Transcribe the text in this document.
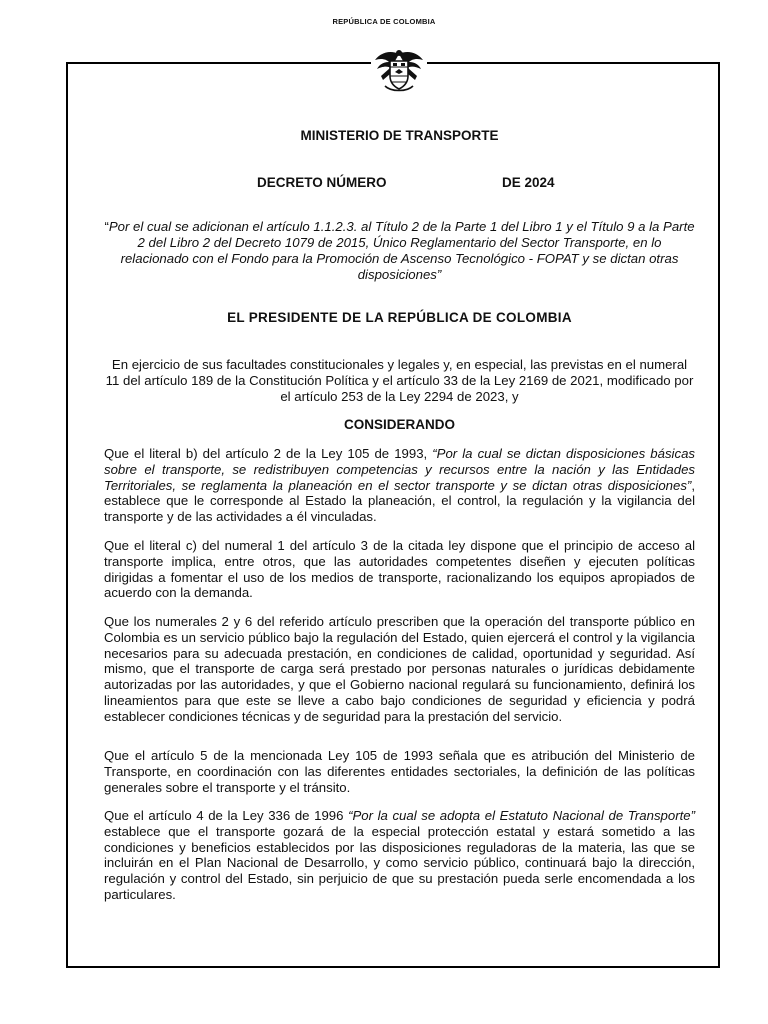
REPÚBLICA DE COLOMBIA
MINISTERIO DE TRANSPORTE
DECRETO NÚMERO	DE 2024
“Por el cual se adicionan el artículo 1.1.2.3. al Título 2 de la Parte 1 del Libro 1 y el Título 9 a la Parte 2 del Libro 2 del Decreto 1079 de 2015, Único Reglamentario del Sector Transporte, en lo relacionado con el Fondo para la Promoción de Ascenso Tecnológico - FOPAT y se dictan otras disposiciones”
EL PRESIDENTE DE LA REPÚBLICA DE COLOMBIA
En ejercicio de sus facultades constitucionales y legales y, en especial, las previstas en el numeral 11 del artículo 189 de la Constitución Política y el artículo 33 de la Ley 2169 de 2021, modificado por el artículo 253 de la Ley 2294 de 2023, y
CONSIDERANDO
Que el literal b) del artículo 2 de la Ley 105 de 1993, “Por la cual se dictan disposiciones básicas sobre el transporte, se redistribuyen competencias y recursos entre la nación y las Entidades Territoriales, se reglamenta la planeación en el sector transporte y se dictan otras disposiciones”, establece que le corresponde al Estado la planeación, el control, la regulación y la vigilancia del transporte y de las actividades a él vinculadas.
Que el literal c) del numeral 1 del artículo 3 de la citada ley dispone que el principio de acceso al transporte implica, entre otros, que las autoridades competentes diseñen y ejecuten políticas dirigidas a fomentar el uso de los medios de transporte, racionalizando los equipos apropiados de acuerdo con la demanda.
Que los numerales 2 y 6 del referido artículo prescriben que la operación del transporte público en Colombia es un servicio público bajo la regulación del Estado, quien ejercerá el control y la vigilancia necesarios para su adecuada prestación, en condiciones de calidad, oportunidad y seguridad. Así mismo, que el transporte de carga será prestado por personas naturales o jurídicas debidamente autorizadas por las autoridades, y que el Gobierno nacional regulará su funcionamiento, definirá los lineamientos para que este se lleve a cabo bajo condiciones de seguridad y eficiencia y podrá establecer condiciones técnicas y de seguridad para la prestación del servicio.
Que el artículo 5 de la mencionada Ley 105 de 1993 señala que es atribución del Ministerio de Transporte, en coordinación con las diferentes entidades sectoriales, la definición de las políticas generales sobre el transporte y el tránsito.
Que el artículo 4 de la Ley 336 de 1996 “Por la cual se adopta el Estatuto Nacional de Transporte” establece que el transporte gozará de la especial protección estatal y estará sometido a las condiciones y beneficios establecidos por las disposiciones reguladoras de la materia, las que se incluirán en el Plan Nacional de Desarrollo, y como servicio público, continuará bajo la dirección, regulación y control del Estado, sin perjuicio de que su prestación pueda serle encomendada a los particulares.
